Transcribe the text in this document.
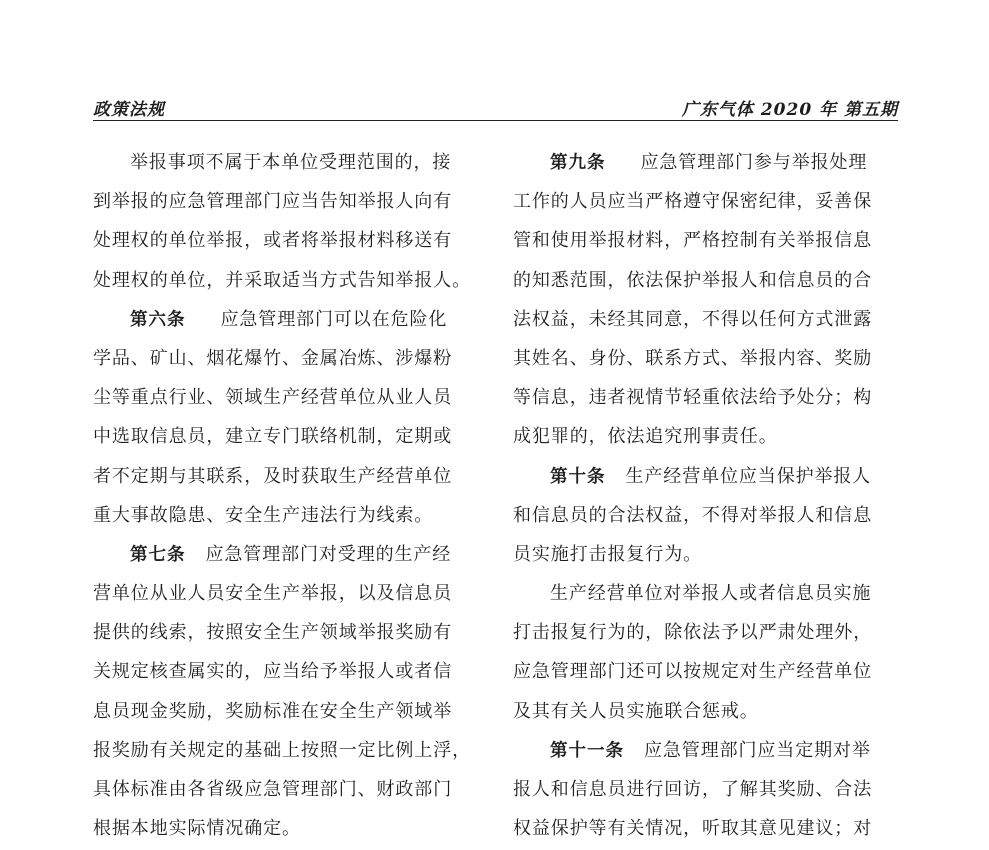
政策法规	广东气体 2020 年 第五期
举报事项不属于本单位受理范围的，接
到举报的应急管理部门应当告知举报人向有
处理权的单位举报，或者将举报材料移送有
处理权的单位，并采取适当方式告知举报人。
第六条 应急管理部门可以在危险化
学品、矿山、烟花爆竹、金属冶炼、涉爆粉
尘等重点行业、领域生产经营单位从业人员
中选取信息员，建立专门联络机制，定期或
者不定期与其联系，及时获取生产经营单位
重大事故隐患、安全生产违法行为线索。
第七条 应急管理部门对受理的生产经
营单位从业人员安全生产举报，以及信息员
提供的线索，按照安全生产领域举报奖励有
关规定核查属实的，应当给予举报人或者信
息员现金奖励，奖励标准在安全生产领域举
报奖励有关规定的基础上按照一定比例上浮，
具体标准由各省级应急管理部门、财政部门
根据本地实际情况确定。
第九条 应急管理部门参与举报处理
工作的人员应当严格遵守保密纪律，妥善保
管和使用举报材料，严格控制有关举报信息
的知悉范围，依法保护举报人和信息员的合
法权益，未经其同意，不得以任何方式泄露
其姓名、身份、联系方式、举报内容、奖励
等信息，违者视情节轻重依法给予处分；构
成犯罪的，依法追究刑事责任。
第十条 生产经营单位应当保护举报人
和信息员的合法权益，不得对举报人和信息
员实施打击报复行为。
生产经营单位对举报人或者信息员实施
打击报复行为的，除依法予以严肃处理外，
应急管理部门还可以按规定对生产经营单位
及其有关人员实施联合惩戒。
第十一条 应急管理部门应当定期对举
报人和信息员进行回访，了解其奖励、合法
权益保护等有关情况，听取其意见建议；对
